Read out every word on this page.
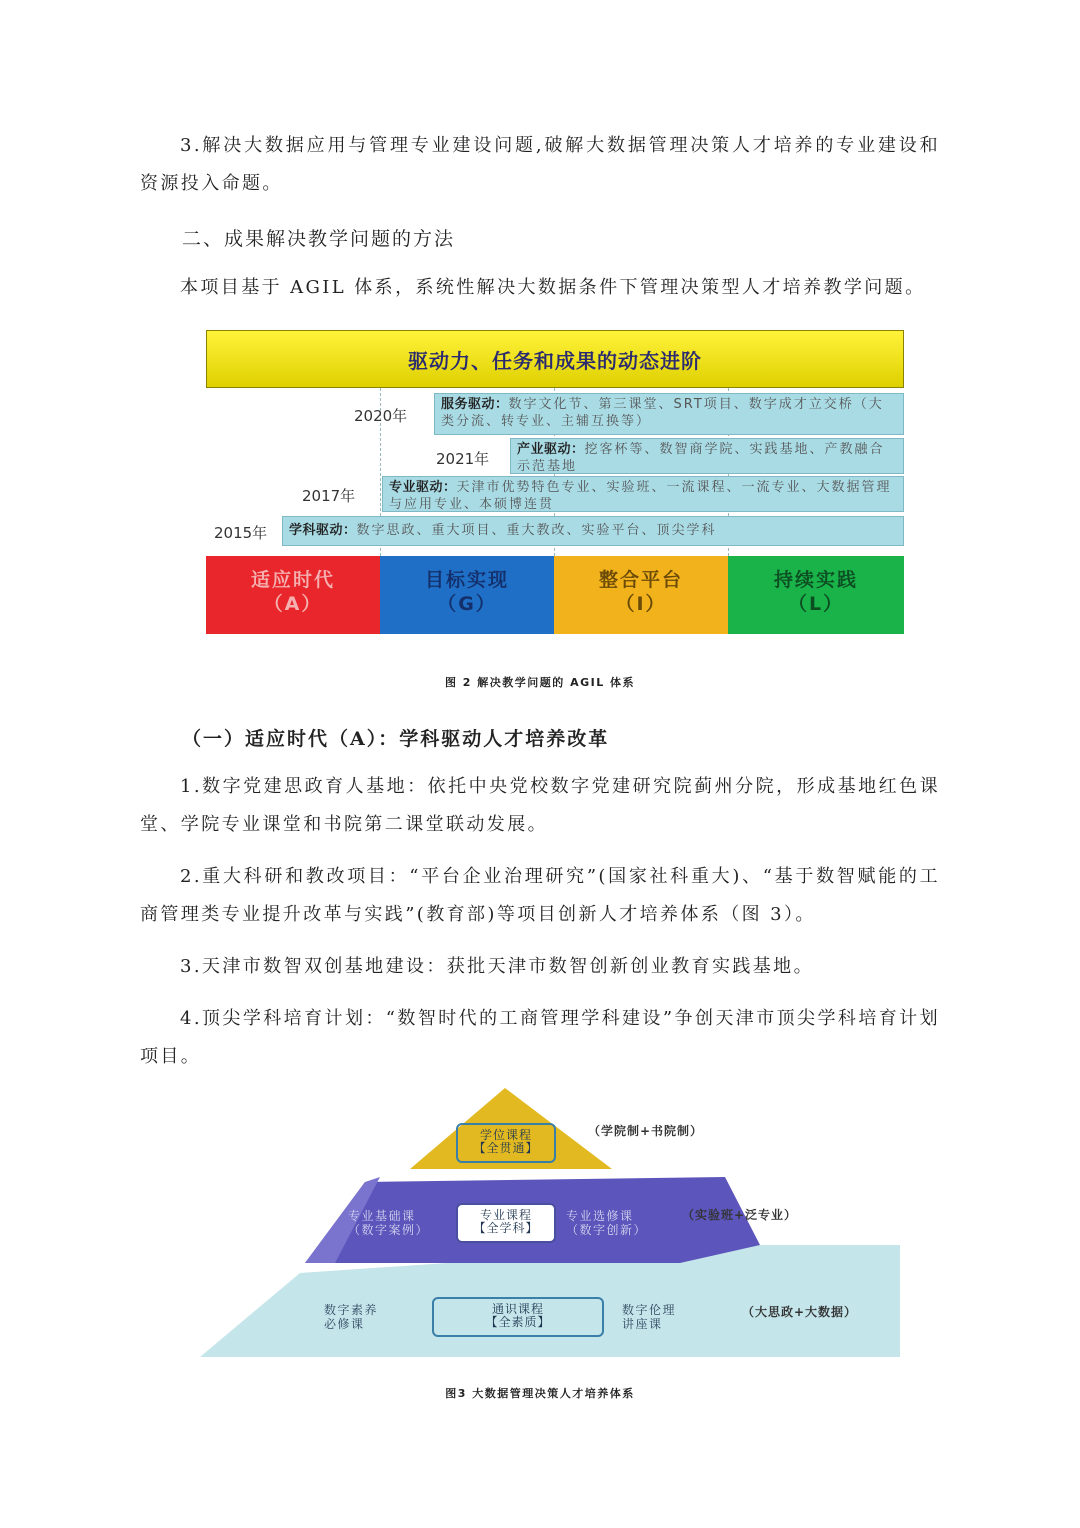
3.解决大数据应用与管理专业建设问题,破解大数据管理决策人才培养的专业建设和资源投入命题。

二、成果解决教学问题的方法

本项目基于 AGIL 体系，系统性解决大数据条件下管理决策型人才培养教学问题。

驱动力、任务和成果的动态进阶
2020年
服务驱动：数字文化节、第三课堂、SRT项目、数字成才立交桥（大类分流、转专业、主辅互换等）
2021年
产业驱动：挖客杯等、数智商学院、实践基地、产教融合示范基地
2017年	专业驱动：天津市优势特色专业、实验班、一流课程、一流专业、大数据管理与应用专业、本硕博连贯
2015年	学科驱动：数字思政、重大项目、重大教改、实验平台、顶尖学科
适应时代
（A）
目标实现
（G）
整合平台
（I）
持续实践
（L）
图 2 解决教学问题的 AGIL 体系

（一）适应时代（A）：学科驱动人才培养改革

1.数字党建思政育人基地：依托中央党校数字党建研究院蓟州分院，形成基地红色课堂、学院专业课堂和书院第二课堂联动发展。

2.重大科研和教改项目：“平台企业治理研究”(国家社科重大)、“基于数智赋能的工商管理类专业提升改革与实践”(教育部)等项目创新人才培养体系（图 3）。

3.天津市数智双创基地建设：获批天津市数智创新创业教育实践基地。

4.顶尖学科培育计划：“数智时代的工商管理学科建设”争创天津市顶尖学科培育计划项目。

学位课程
【全贯通】
（学院制+书院制）
专业基础课
（数字案例）
专业课程
【全学科】
专业选修课
（数字创新）
（实验班+泛专业）
数字素养
必修课
通识课程
【全素质】
数字伦理
讲座课
（大思政+大数据）
图3 大数据管理决策人才培养体系
